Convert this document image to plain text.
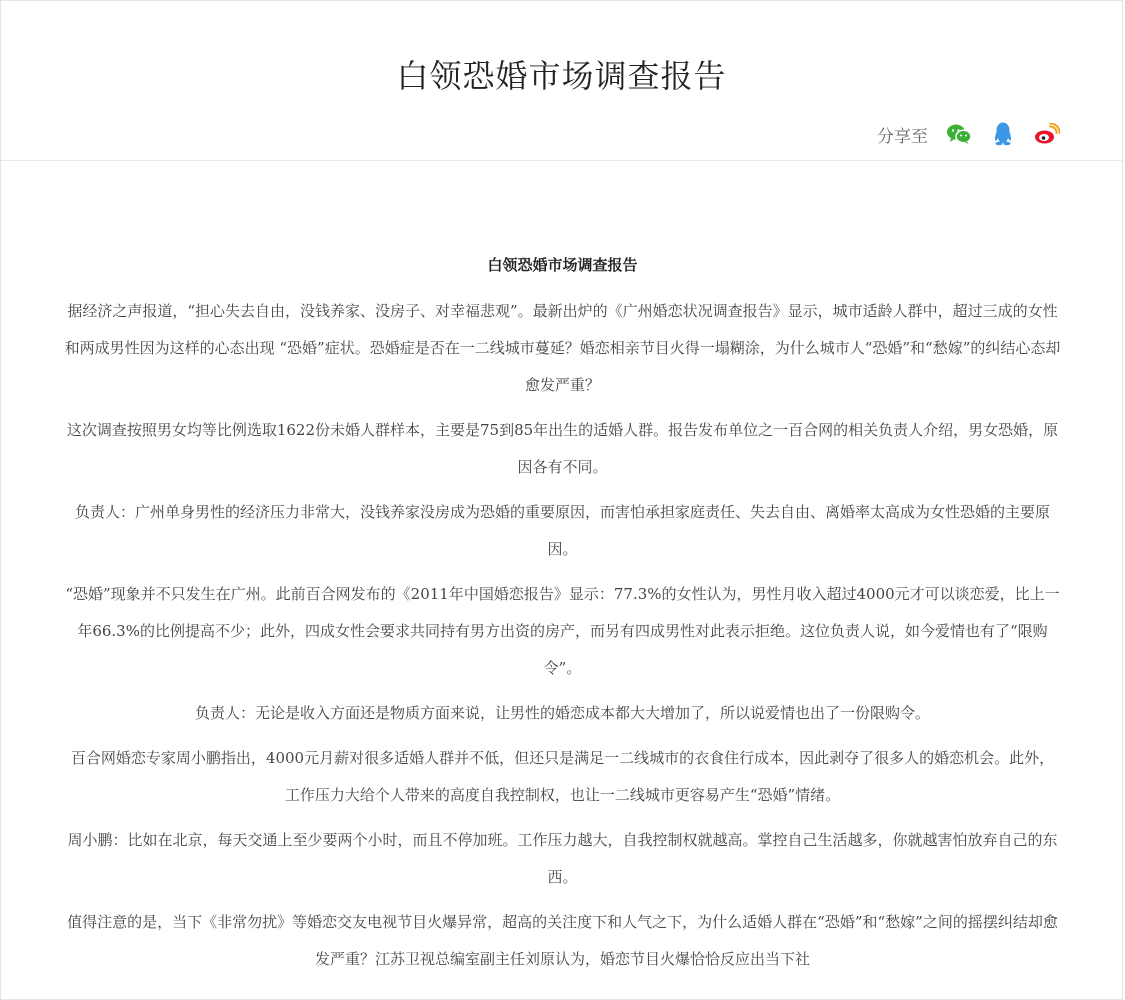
白领恐婚市场调查报告
分享至
白领恐婚市场调查报告

据经济之声报道，“担心失去自由，没钱养家、没房子、对幸福悲观”。最新出炉的《广州婚恋状况调查报告》显示，城市适龄人群中，超过三成的女性和两成男性因为这样的心态出现 “恐婚”症状。恐婚症是否在一二线城市蔓延？婚恋相亲节目火得一塌糊涂，为什么城市人“恐婚”和“愁嫁”的纠结心态却愈发严重？

这次调查按照男女均等比例选取1622份未婚人群样本，主要是75到85年出生的适婚人群。报告发布单位之一百合网的相关负责人介绍，男女恐婚，原因各有不同。

负责人：广州单身男性的经济压力非常大，没钱养家没房成为恐婚的重要原因，而害怕承担家庭责任、失去自由、离婚率太高成为女性恐婚的主要原因。

“恐婚”现象并不只发生在广州。此前百合网发布的《2011年中国婚恋报告》显示：77.3%的女性认为，男性月收入超过4000元才可以谈恋爱，比上一年66.3%的比例提高不少；此外，四成女性会要求共同持有男方出资的房产，而另有四成男性对此表示拒绝。这位负责人说，如今爱情也有了“限购令”。

负责人：无论是收入方面还是物质方面来说，让男性的婚恋成本都大大增加了，所以说爱情也出了一份限购令。

百合网婚恋专家周小鹏指出，4000元月薪对很多适婚人群并不低，但还只是满足一二线城市的衣食住行成本，因此剥夺了很多人的婚恋机会。此外，工作压力大给个人带来的高度自我控制权，也让一二线城市更容易产生“恐婚”情绪。

周小鹏：比如在北京，每天交通上至少要两个小时，而且不停加班。工作压力越大，自我控制权就越高。掌控自己生活越多，你就越害怕放弃自己的东西。

值得注意的是，当下《非常勿扰》等婚恋交友电视节目火爆异常，超高的关注度下和人气之下，为什么适婚人群在“恐婚”和“愁嫁”之间的摇摆纠结却愈发严重？江苏卫视总编室副主任刘原认为，婚恋节目火爆恰恰反应出当下社
